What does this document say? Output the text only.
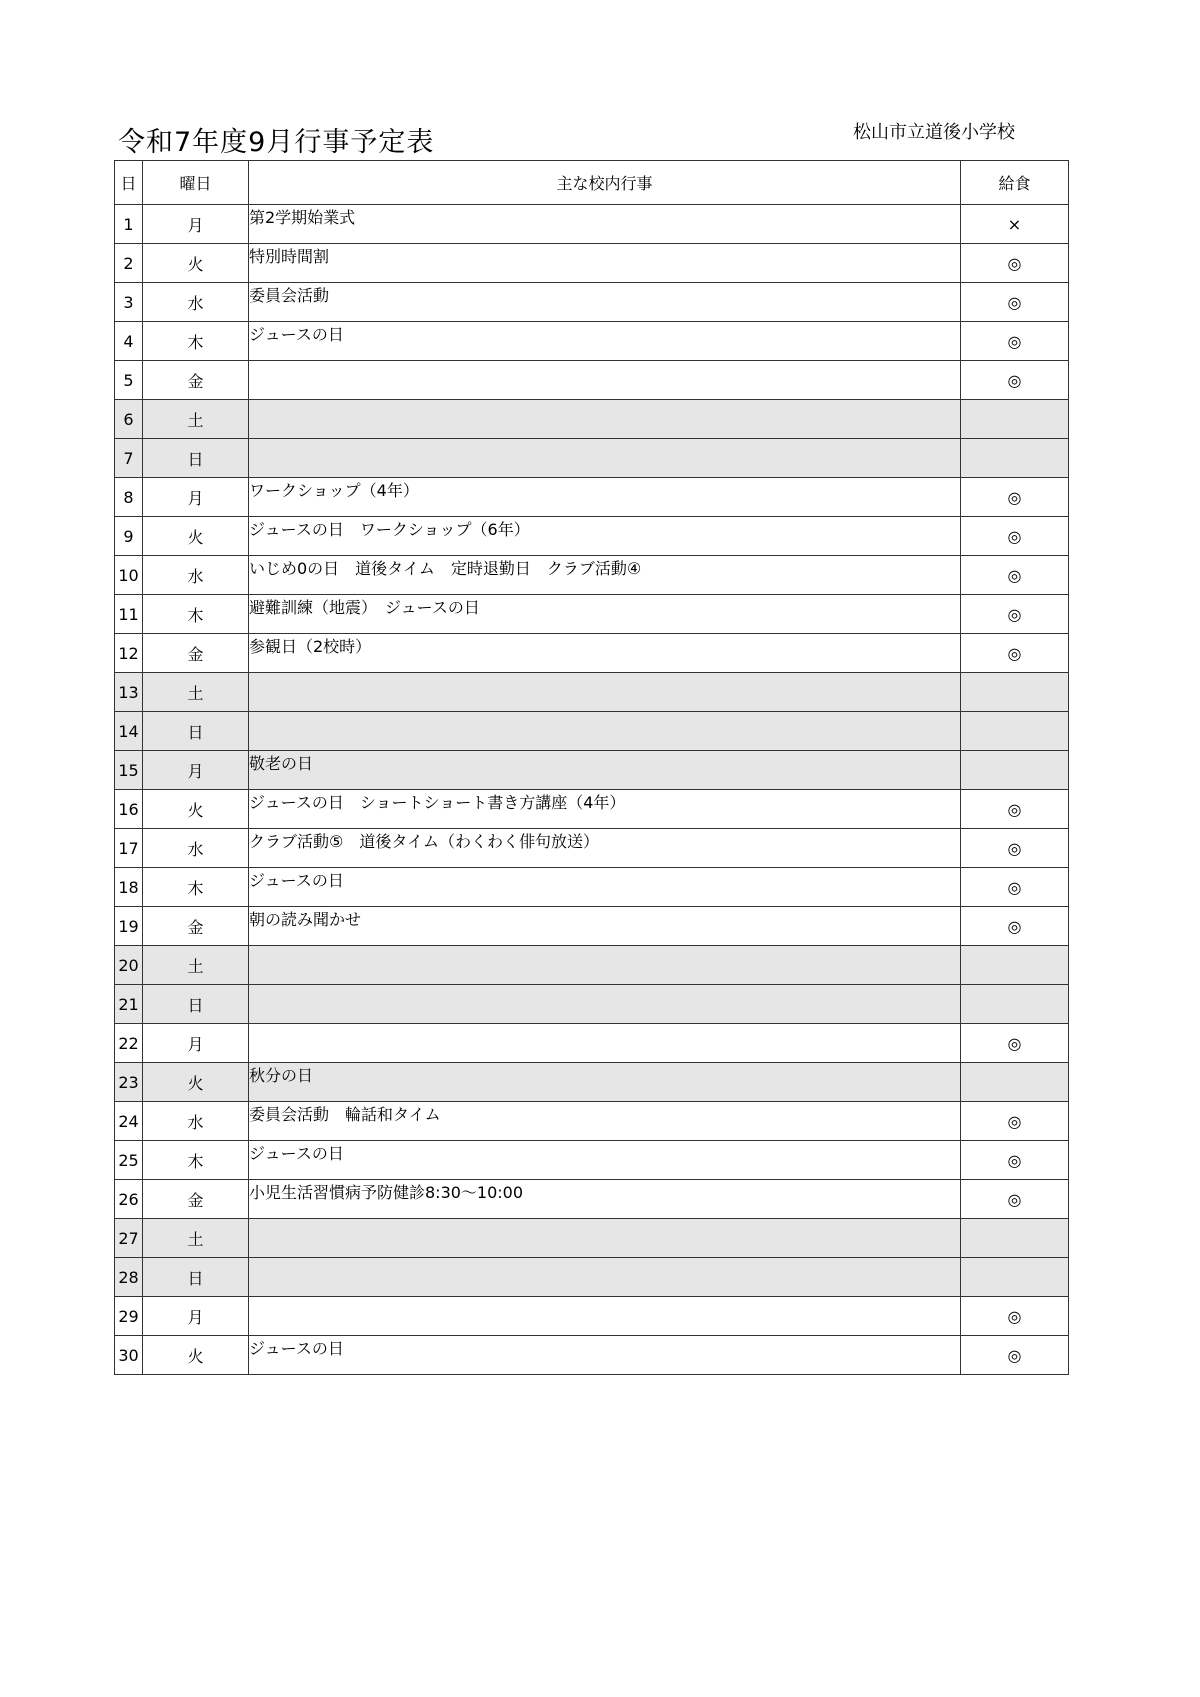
令和7年度9月行事予定表	松山市立道後小学校
日	曜日	主な校内行事	給食
1	月	第2学期始業式	×
2	火	特別時間割	◎
3	水	委員会活動	◎
4	木	ジュースの日	◎
5	金		◎
6	土		
7	日		
8	月	ワークショップ（4年）	◎
9	火	ジュースの日　ワークショップ（6年）	◎
10	水	いじめ0の日　道後タイム　定時退勤日　クラブ活動④	◎
11	木	避難訓練（地震）　ジュースの日	◎
12	金	参観日（2校時）	◎
13	土		
14	日		
15	月	敬老の日	
16	火	ジュースの日　ショートショート書き方講座（4年）	◎
17	水	クラブ活動⑤　道後タイム（わくわく俳句放送）	◎
18	木	ジュースの日	◎
19	金	朝の読み聞かせ	◎
20	土		
21	日		
22	月		◎
23	火	秋分の日	
24	水	委員会活動　輪話和タイム	◎
25	木	ジュースの日	◎
26	金	小児生活習慣病予防健診8:30～10:00	◎
27	土		
28	日		
29	月		◎
30	火	ジュースの日	◎
